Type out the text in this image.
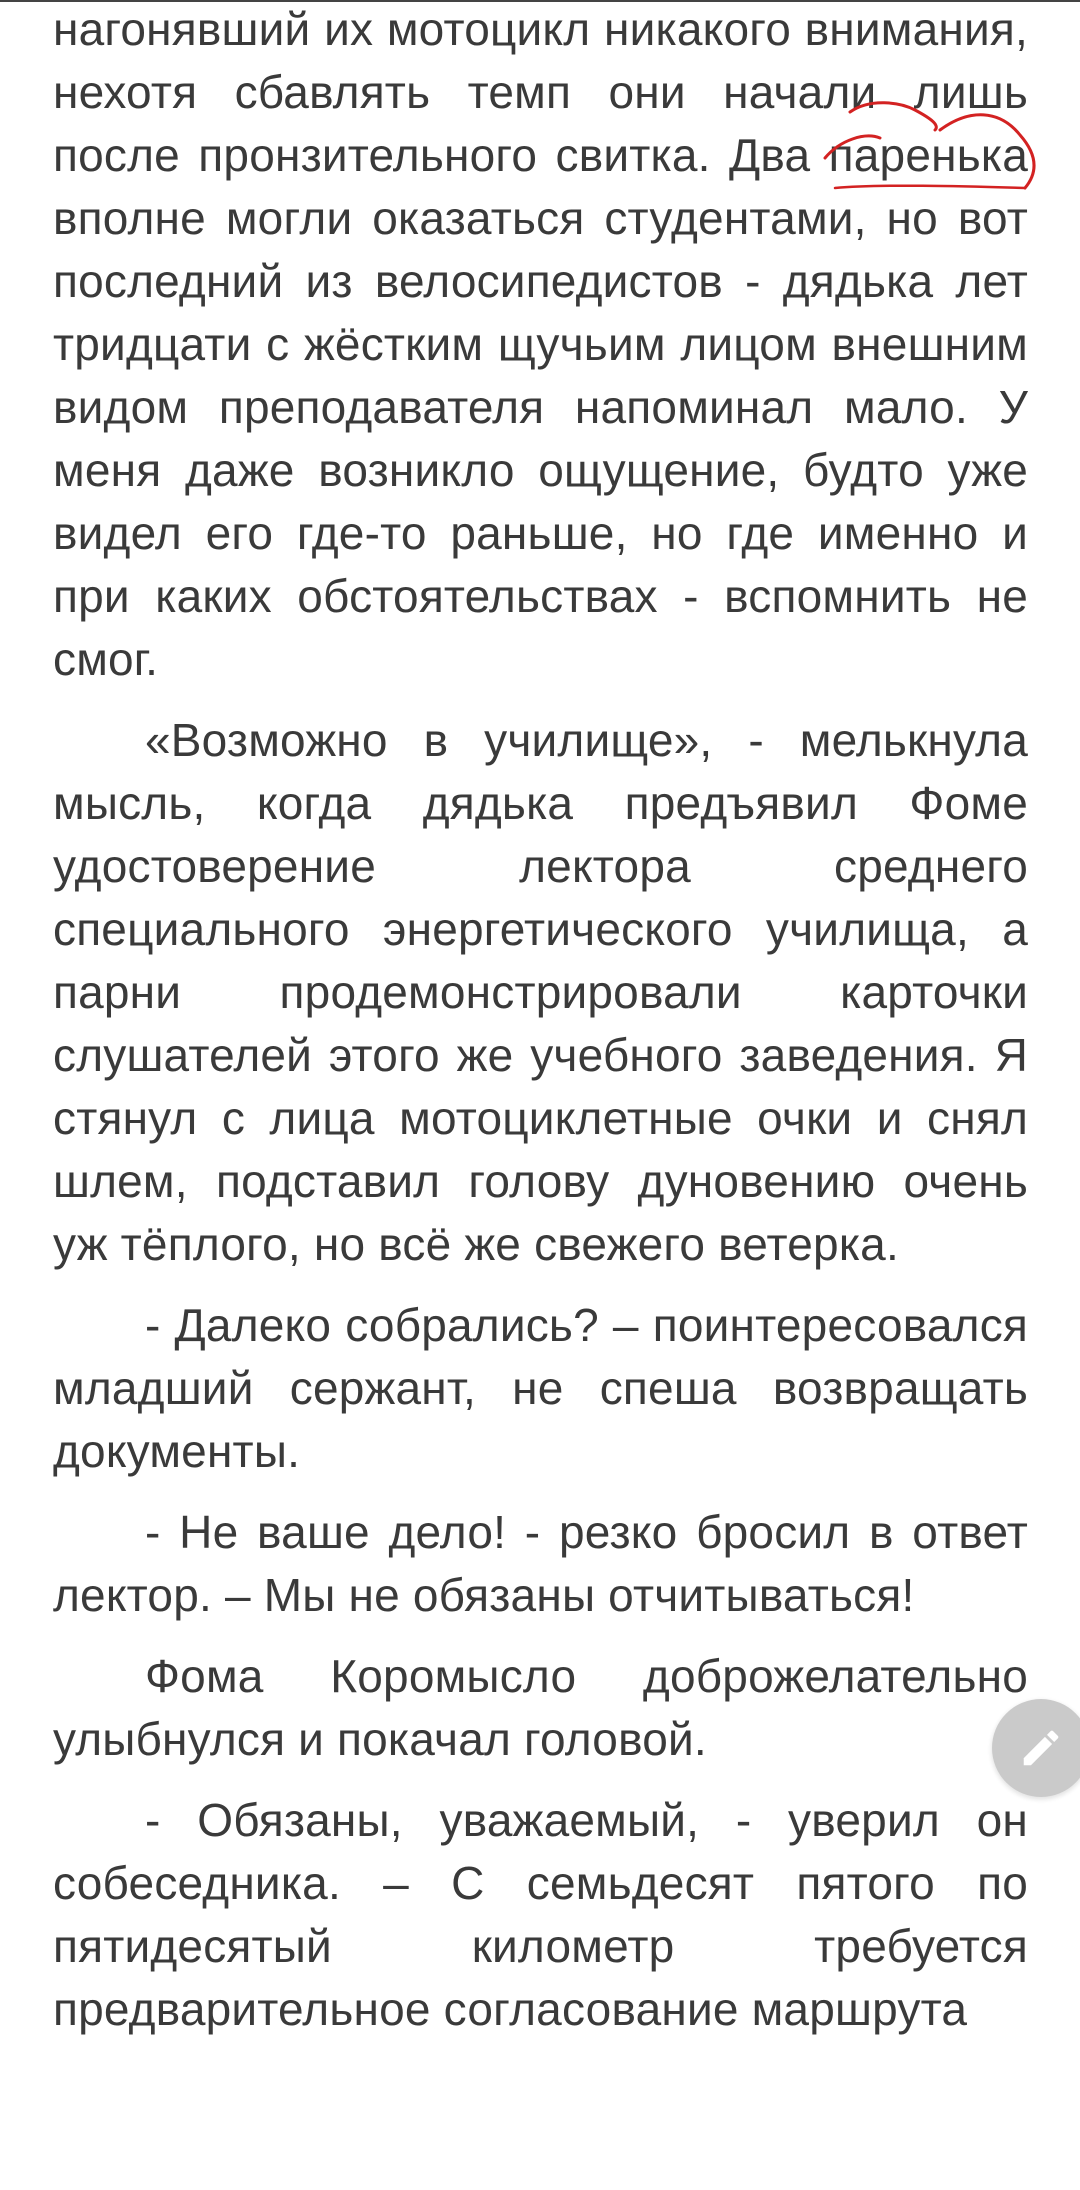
нагонявший их мотоцикл никакого внимания, нехотя сбавлять темп они начали лишь после пронзительного свитка. Два паренька вполне могли оказаться студентами, но вот последний из велосипедистов - дядька лет тридцати с жёстким щучьим лицом внешним видом преподавателя напоминал мало. У меня даже возникло ощущение, будто уже видел его где-то раньше, но где именно и при каких обстоятельствах - вспомнить не смог.

«Возможно в училище», - мелькнула мысль, когда дядька предъявил Фоме удостоверение лектора среднего специального энергетического училища, а парни продемонстрировали карточки слушателей этого же учебного заведения. Я стянул с лица мотоциклетные очки и снял шлем, подставил голову дуновению очень уж тёплого, но всё же свежего ветерка.

- Далеко собрались? – поинтересовался младший сержант, не спеша возвращать документы.

- Не ваше дело! - резко бросил в ответ лектор. – Мы не обязаны отчитываться!

Фома Коромысло доброжелательно улыбнулся и покачал головой.

- Обязаны, уважаемый, - уверил он собеседника. – С семьдесят пятого по пятидесятый километр требуется предварительное согласование маршрута
